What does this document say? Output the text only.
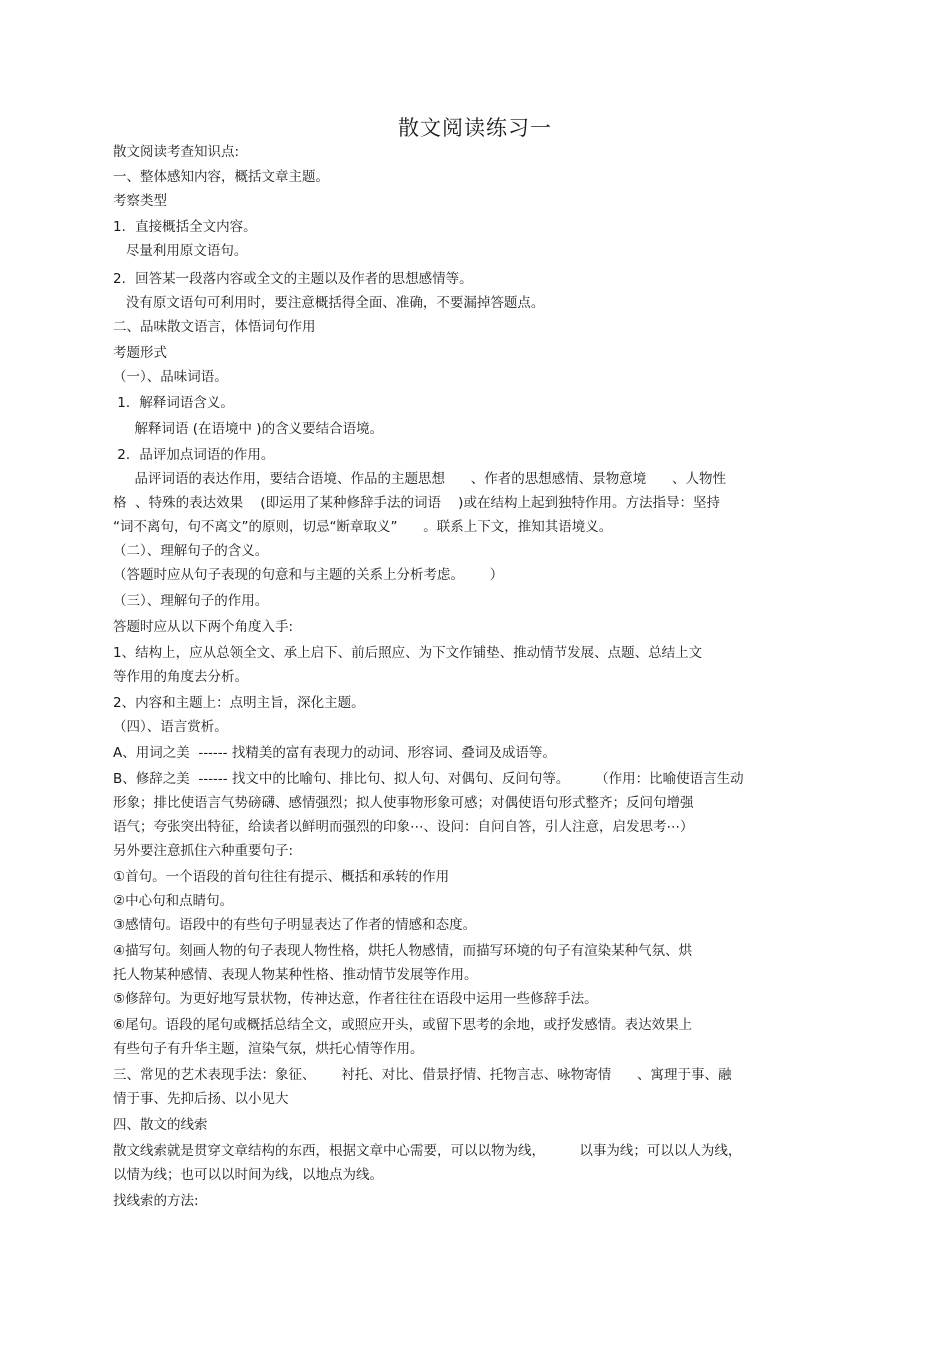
散文阅读练习一
散文阅读考查知识点:
一、整体感知内容，概括文章主题。
考察类型
1．直接概括全文内容。
尽量利用原文语句。
2．回答某一段落内容或全文的主题以及作者的思想感情等。
没有原文语句可利用时，要注意概括得全面、准确，不要漏掉答题点。
二、品味散文语言，体悟词句作用
考题形式
（一）、品味词语。
1．解释词语含义。
解释词语 (在语境中 )的含义要结合语境。
2．品评加点词语的作用。
品评词语的表达作用，要结合语境、作品的主题思想      、作者的思想感情、景物意境      、人物性
格  、特殊的表达效果    (即运用了某种修辞手法的词语    )或在结构上起到独特作用。方法指导：坚持
“词不离句，句不离文”的原则，切忌“断章取义”      。联系上下文，推知其语境义。
（二）、理解句子的含义。
（答题时应从句子表现的句意和与主题的关系上分析考虑。      ）
（三）、理解句子的作用。
答题时应从以下两个角度入手:
1、结构上，应从总领全文、承上启下、前后照应、为下文作铺垫、推动情节发展、点题、总结上文
等作用的角度去分析。
2、内容和主题上：点明主旨，深化主题。
（四）、语言赏析。
A、用词之美  ------ 找精美的富有表现力的动词、形容词、叠词及成语等。
B、修辞之美  ------ 找文中的比喻句、排比句、拟人句、对偶句、反问句等。      （作用：比喻使语言生动
形象；排比使语言气势磅礴、感情强烈；拟人使事物形象可感；对偶使语句形式整齐；反问句增强
语气；夸张突出特征，给读者以鲜明而强烈的印象⋯、设问：自问自答，引人注意，启发思考⋯）
另外要注意抓住六种重要句子:
①首句。一个语段的首句往往有提示、概括和承转的作用
②中心句和点睛句。
③感情句。语段中的有些句子明显表达了作者的情感和态度。
④描写句。刻画人物的句子表现人物性格，烘托人物感情，而描写环境的句子有渲染某种气氛、烘
托人物某种感情、表现人物某种性格、推动情节发展等作用。
⑤修辞句。为更好地写景状物，传神达意，作者往往在语段中运用一些修辞手法。
⑥尾句。语段的尾句或概括总结全文，或照应开头，或留下思考的余地，或抒发感情。表达效果上
有些句子有升华主题，渲染气氛，烘托心情等作用。
三、常见的艺术表现手法：象征、      衬托、对比、借景抒情、托物言志、咏物寄情      、寓理于事、融
情于事、先抑后扬、以小见大
四、散文的线索
散文线索就是贯穿文章结构的东西，根据文章中心需要，可以以物为线，        以事为线；可以以人为线，
以情为线；也可以以时间为线，以地点为线。
找线索的方法:
